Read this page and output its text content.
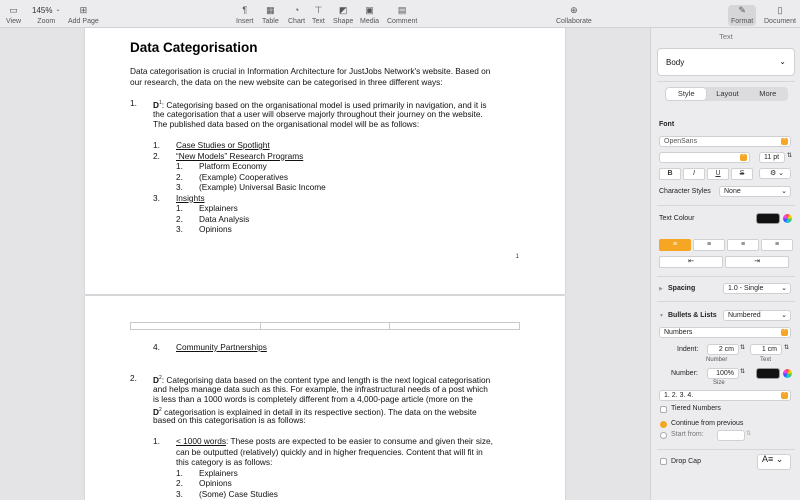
▭
View
145% ⌄
Zoom
⊞
Add Page
¶
Insert
▦
Table
◔
Chart
⊤
Text
◩
Shape
▣
Media
▤
Comment
⊕
Collaborate
✎
Format
▯
Document
Data Categorisation
Data categorisation is crucial in Information Architecture for JustJobs Network's website. Based on
our research, the data on the new website can be categorised in three different ways:
1. $D^1$: Categorising based on the organisational model is used primarily in navigation, and it is
the categorisation that a user will observe majorly throughout their journey on the website.
The published data based on the organisational model will be as follows:
1. Case Studies or Spotlight
2. “New Models” Research Programs
1. Platform Economy
2. (Example) Cooperatives
3. (Example) Universal Basic Income
3. Insights
1. Explainers
2. Data Analysis
3. Opinions
1
4. Community Partnerships
2. $D^2$: Categorising data based on the content type and length is the next logical categorisation
and helps manage data such as this. For example, the infrastructural needs of a post which
is less than a 1000 words is completely different from a 4,000-page article (more on the
$D^2$ categorisation is explained in detail in its respective section). The data on the website
based on this categorisation is as follows:
1. < 1000 words: These posts are expected to be easier to consume and given their size,
can be outputted (relatively) quickly and in higher frequencies. Content that will fit in
this category is as follows:
1. Explainers
2. Opinions
3. (Some) Case Studies
Text
Body	⌄
Style	Layout	More
Font
OpenSans	⌃
⌃	11 pt	⇅
B	I	U	S	⚙ ⌄
Character Styles	None	⌄
Text Colour
≡	≡	≡	≡
⇤	⇥
▶ Spacing	1.0 - Single	⌄
▼ Bullets & Lists	Numbered	⌄
Numbers	⌃
Indent:	2 cm	⇅	1 cm	⇅
Number	Text
Number:	100%	⇅
Size
1. 2. 3. 4.	⌃
Tiered Numbers
Continue from previous
Start from:	⇅
Drop Cap	A≡ ⌄
